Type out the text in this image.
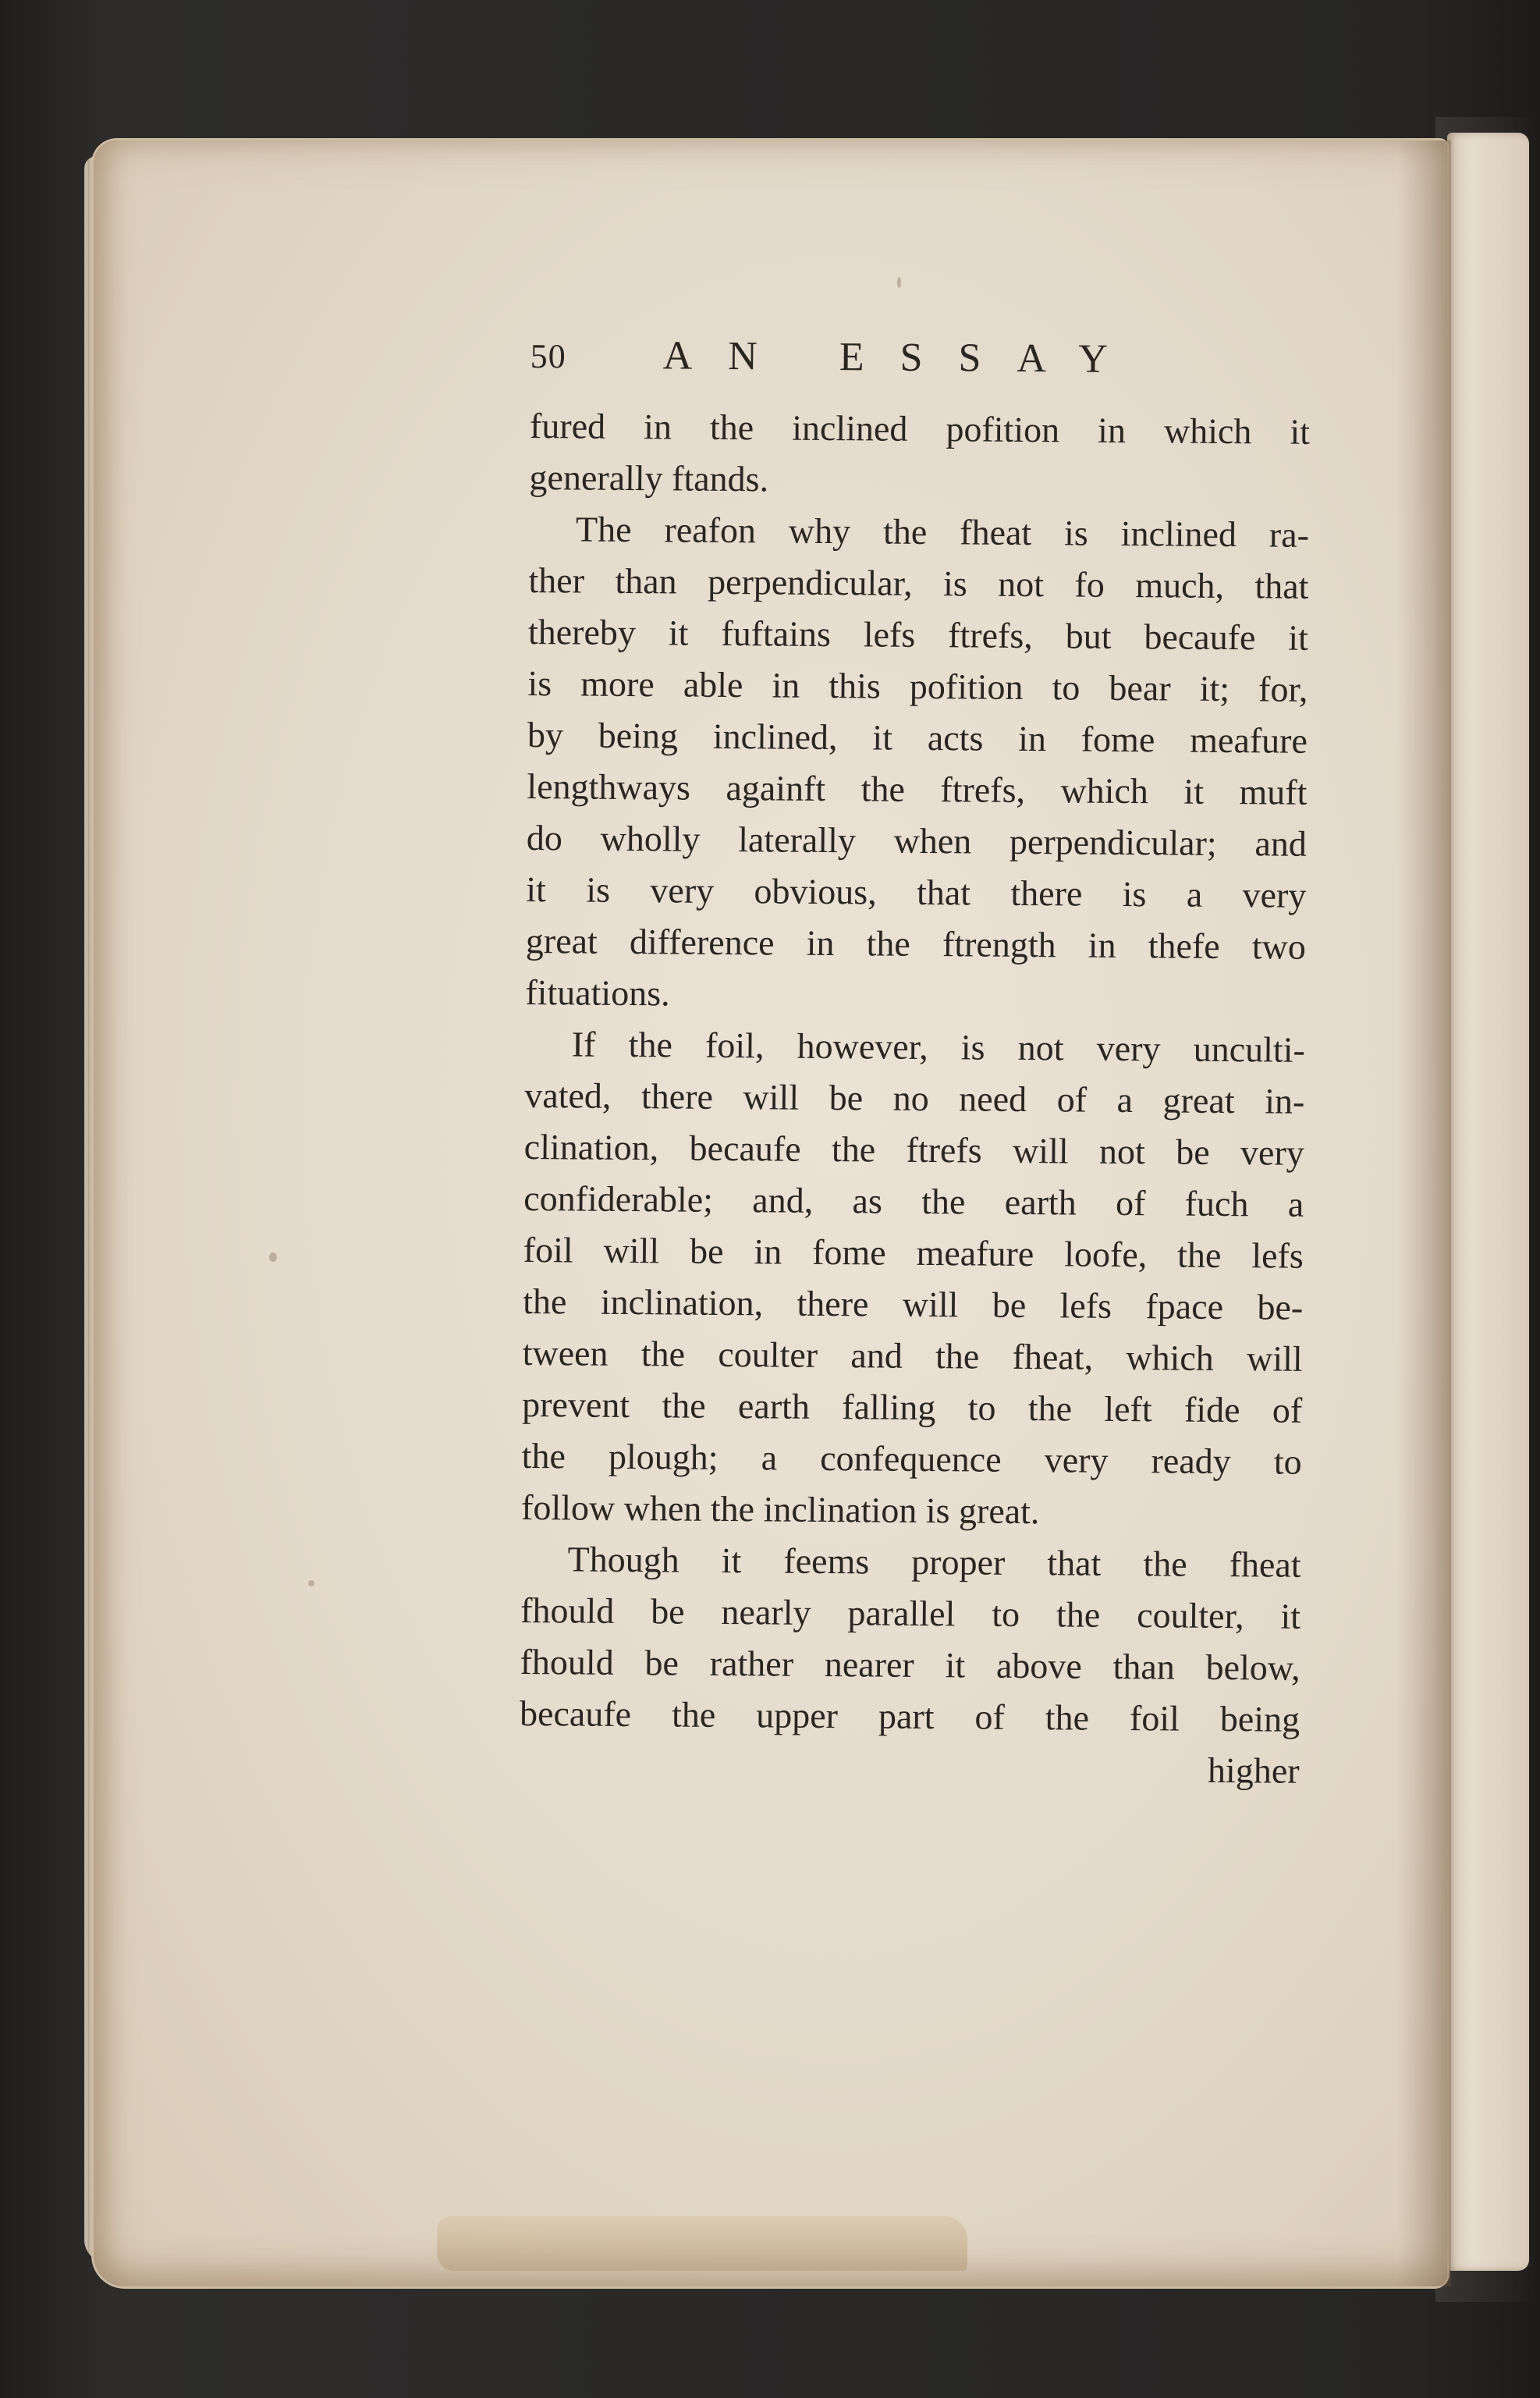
50	AN ESSAY
fured in the inclined pofition in which it
generally ftands.
The reafon why the fheat is inclined ra-
ther than perpendicular, is not fo much, that
thereby it fuftains lefs ftrefs, but becaufe it
is more able in this pofition to bear it; for,
by being inclined, it acts in fome meafure
lengthways againft the ftrefs, which it muft
do wholly laterally when perpendicular; and
it is very obvious, that there is a very
great difference in the ftrength in thefe two
fituations.
If the foil, however, is not very unculti-
vated, there will be no need of a great in-
clination, becaufe the ftrefs will not be very
confiderable; and, as the earth of fuch a
foil will be in fome meafure loofe, the lefs
the inclination, there will be lefs fpace be-
tween the coulter and the fheat, which will
prevent the earth falling to the left fide of
the plough; a confequence very ready to
follow when the inclination is great.
Though it feems proper that the fheat
fhould be nearly parallel to the coulter, it
fhould be rather nearer it above than below,
becaufe the upper part of the foil being
higher
